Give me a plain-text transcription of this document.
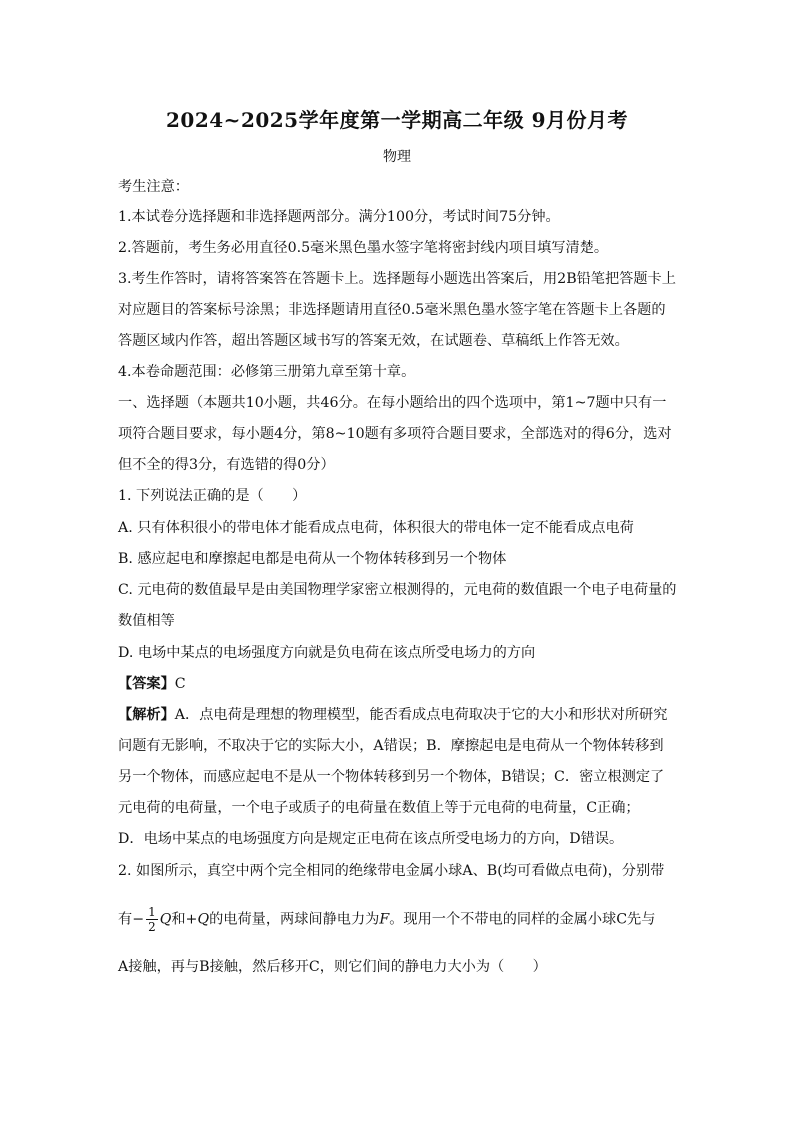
2024~2025学年度第一学期高二年级 9月份月考
物理
考生注意：
1.本试卷分选择题和非选择题两部分。满分100分，考试时间75分钟。
2.答题前，考生务必用直径0.5毫米黑色墨水签字笔将密封线内项目填写清楚。
3.考生作答时，请将答案答在答题卡上。选择题每小题选出答案后，用2B铅笔把答题卡上
对应题目的答案标号涂黑；非选择题请用直径0.5毫米黑色墨水签字笔在答题卡上各题的
答题区域内作答，超出答题区域书写的答案无效，在试题卷、草稿纸上作答无效。
4.本卷命题范围：必修第三册第九章至第十章。
一、选择题（本题共10小题，共46分。在每小题给出的四个选项中，第1~7题中只有一
项符合题目要求，每小题4分，第8~10题有多项符合题目要求，全部选对的得6分，选对
但不全的得3分，有选错的得0分）
1. 下列说法正确的是（　　）
A. 只有体积很小的带电体才能看成点电荷，体积很大的带电体一定不能看成点电荷
B. 感应起电和摩擦起电都是电荷从一个物体转移到另一个物体
C. 元电荷的数值最早是由美国物理学家密立根测得的，元电荷的数值跟一个电子电荷量的
数值相等
D. 电场中某点的电场强度方向就是负电荷在该点所受电场力的方向
【答案】C
【解析】A．点电荷是理想的物理模型，能否看成点电荷取决于它的大小和形状对所研究
问题有无影响，不取决于它的实际大小，A错误；B．摩擦起电是电荷从一个物体转移到
另一个物体，而感应起电不是从一个物体转移到另一个物体，B错误；C．密立根测定了
元电荷的电荷量，一个电子或质子的电荷量在数值上等于元电荷的电荷量，C正确；
D．电场中某点的电场强度方向是规定正电荷在该点所受电场力的方向，D错误。
2. 如图所示，真空中两个完全相同的绝缘带电金属小球A、B(均可看做点电荷)，分别带
有− $\frac{1}{2}$ Q和+Q的电荷量，两球间静电力为F。现用一个不带电的同样的金属小球C先与
A接触，再与B接触，然后移开C，则它们间的静电力大小为（　　）
